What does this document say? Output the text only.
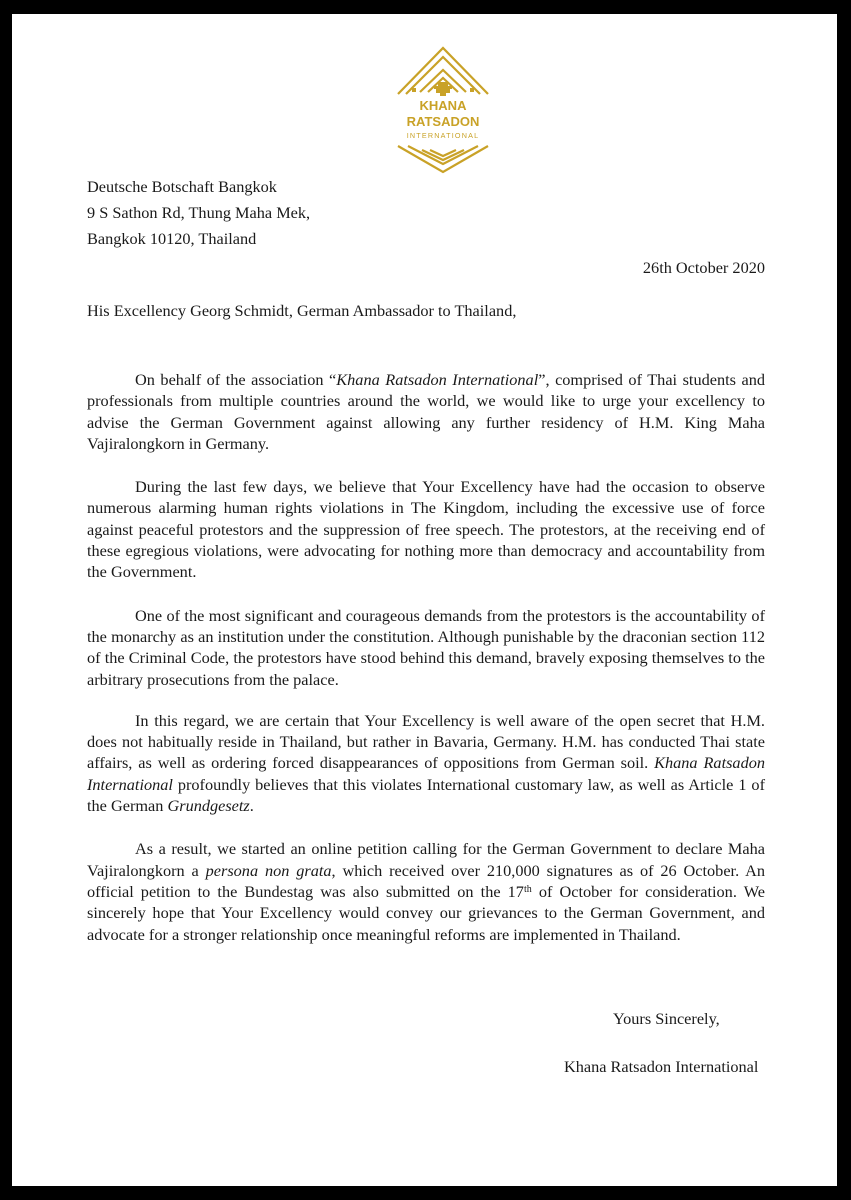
KHANA
RATSADON
INTERNATIONAL
Deutsche Botschaft Bangkok
9 S Sathon Rd, Thung Maha Mek,
Bangkok 10120, Thailand
26th October 2020
His Excellency Georg Schmidt, German Ambassador to Thailand,

On behalf of the association “Khana Ratsadon International”, comprised of Thai students and professionals from multiple countries around the world, we would like to urge your excellency to advise the German Government against allowing any further residency of H.M. King Maha Vajiralongkorn in Germany.

During the last few days, we believe that Your Excellency have had the occasion to observe numerous alarming human rights violations in The Kingdom, including the excessive use of force against peaceful protestors and the suppression of free speech. The protestors, at the receiving end of these egregious violations, were advocating for nothing more than democracy and accountability from the Government.

One of the most significant and courageous demands from the protestors is the accountability of the monarchy as an institution under the constitution. Although punishable by the draconian section 112 of the Criminal Code, the protestors have stood behind this demand, bravely exposing themselves to the arbitrary prosecutions from the palace.

In this regard, we are certain that Your Excellency is well aware of the open secret that H.M. does not habitually reside in Thailand, but rather in Bavaria, Germany. H.M. has conducted Thai state affairs, as well as ordering forced disappearances of oppositions from German soil. Khana Ratsadon International profoundly believes that this violates International customary law, as well as Article 1 of the German Grundgesetz.

As a result, we started an online petition calling for the German Government to declare Maha Vajiralongkorn a persona non grata, which received over 210,000 signatures as of 26 October. An official petition to the Bundestag was also submitted on the 17th of October for consideration. We sincerely hope that Your Excellency would convey our grievances to the German Government, and advocate for a stronger relationship once meaningful reforms are implemented in Thailand.

Yours Sincerely,
Khana Ratsadon International
